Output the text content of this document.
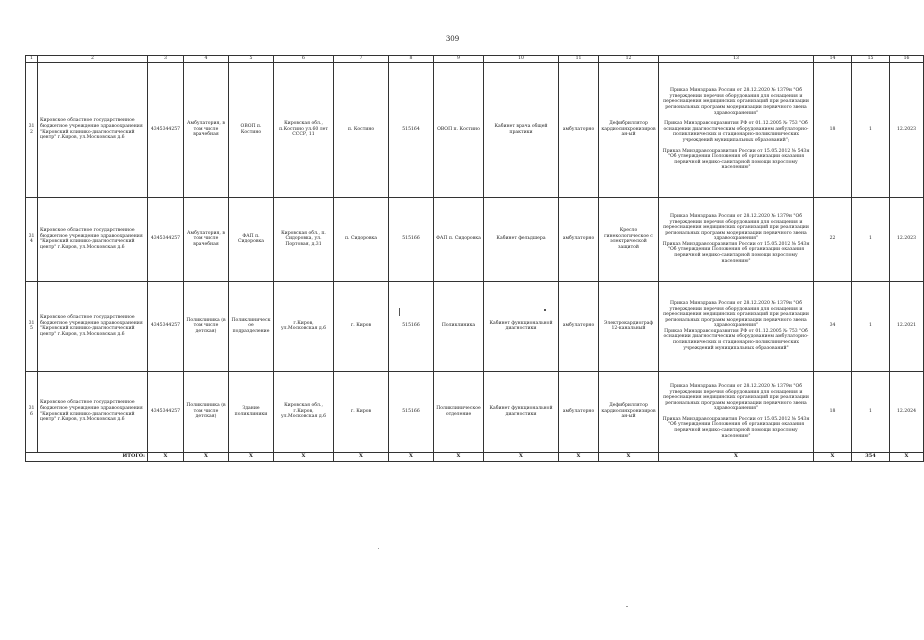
309
1	2	3	4	5	6	7	8	9	10	11	12	13	14	15	16
312	Кировское областное государственное бюджетное учреждение здравоохранения "Кировский клинико-диагностический центр" г.Киров, ул.Московская д.6	4345344257	Амбулатория, в том числе врачебная	ОВОП п. Костино	Кировская обл., п.Костино ул.60 лет СССР, 11	п. Костино	515164	ОВОП п. Костино	Кабинет врача общей практики	амбулаторно	Дефибриллятор кардиосинхронизирован-ый	Приказ Минздрава России от 28.12.2020 № 1379н "Об утверждении перечня оборудования для оснащения и переоснащения медицинских организаций при реализации региональных программ модернизации первичного звена здравоохранения"
Приказ Минздравсоцразвития РФ от 01.12.2005 № 753 "Об оснащении диагностическим оборудованием амбулаторно-поликлинических и стационарно-поликлинических учреждений муниципальных образований";
Приказ Минздравсоцразвития России от 15.05.2012 № 543н "Об утверждении Положения об организации оказания первичной медико-санитарной помощи взрослому населению"	18	1	12.2023
314	Кировское областное государственное бюджетное учреждение здравоохранения "Кировский клинико-диагностический центр" г.Киров, ул.Московская д.6	4345344257	Амбулатория, в том числе врачебная	ФАП п. Сидоровка	Кировская обл., п. Сидоровка, ул. Портовая, д.31	п. Сидоровка	515166	ФАП п. Сидоровка	Кабинет фельдшера	амбулаторно	Кресло гинекологическое с электрической защитой	Приказ Минздрава России от 28.12.2020 № 1379н "Об утверждении перечня оборудования для оснащения и переоснащения медицинских организаций при реализации региональных программ модернизации первичного звена здравоохранения"
Приказ Минздравсоцразвития России от 15.05.2012 № 543н "Об утверждении Положения об организации оказания первичной медико-санитарной помощи взрослому населению"	22	1	12.2023
315	Кировское областное государственное бюджетное учреждение здравоохранения "Кировский клинико-диагностический центр" г.Киров, ул.Московская д.6	4345344257	Поликлиника (в том числе детская)	Поликлиническое подразделение	г.Киров, ул.Московская д.6	г. Киров	515166	Поликлиника	Кабинет функциональной диагностики	амбулаторно	Электрокардиограф 12-канальный	Приказ Минздрава России от 28.12.2020 № 1379н "Об утверждении перечня оборудования для оснащения и переоснащения медицинских организаций при реализации региональных программ модернизации первичного звена здравоохранения"
Приказ Минздравсоцразвития РФ от 01.12.2005 № 753 "Об оснащении диагностическим оборудованием амбулаторно-поликлинических и стационарно-поликлинических учреждений муниципальных образований"	34	1	12.2021
316	Кировское областное государственное бюджетное учреждение здравоохранения "Кировский клинико-диагностический центр" г.Киров, ул.Московская д.6	4345344257	Поликлиника (в том числе детская)	Здание поликлиники	Кировская обл., г.Киров, ул.Московская д.6	г. Киров	515166	Поликлиническое отделение	Кабинет функциональной диагностики	амбулаторно	Дефибриллятор кардиосинхронизирован-ый	Приказ Минздрава России от 28.12.2020 № 1379н "Об утверждении перечня оборудования для оснащения и переоснащения медицинских организаций при реализации региональных программ модернизации первичного звена здравоохранения"
Приказ Минздравсоцразвития России от 15.05.2012 № 543н "Об утверждении Положения об организации оказания первичной медико-санитарной помощи взрослому населению"	18	1	12.2024
ИТОГО:		X	X	X	X	X	X	X	X	X	X	X	X	354	X
